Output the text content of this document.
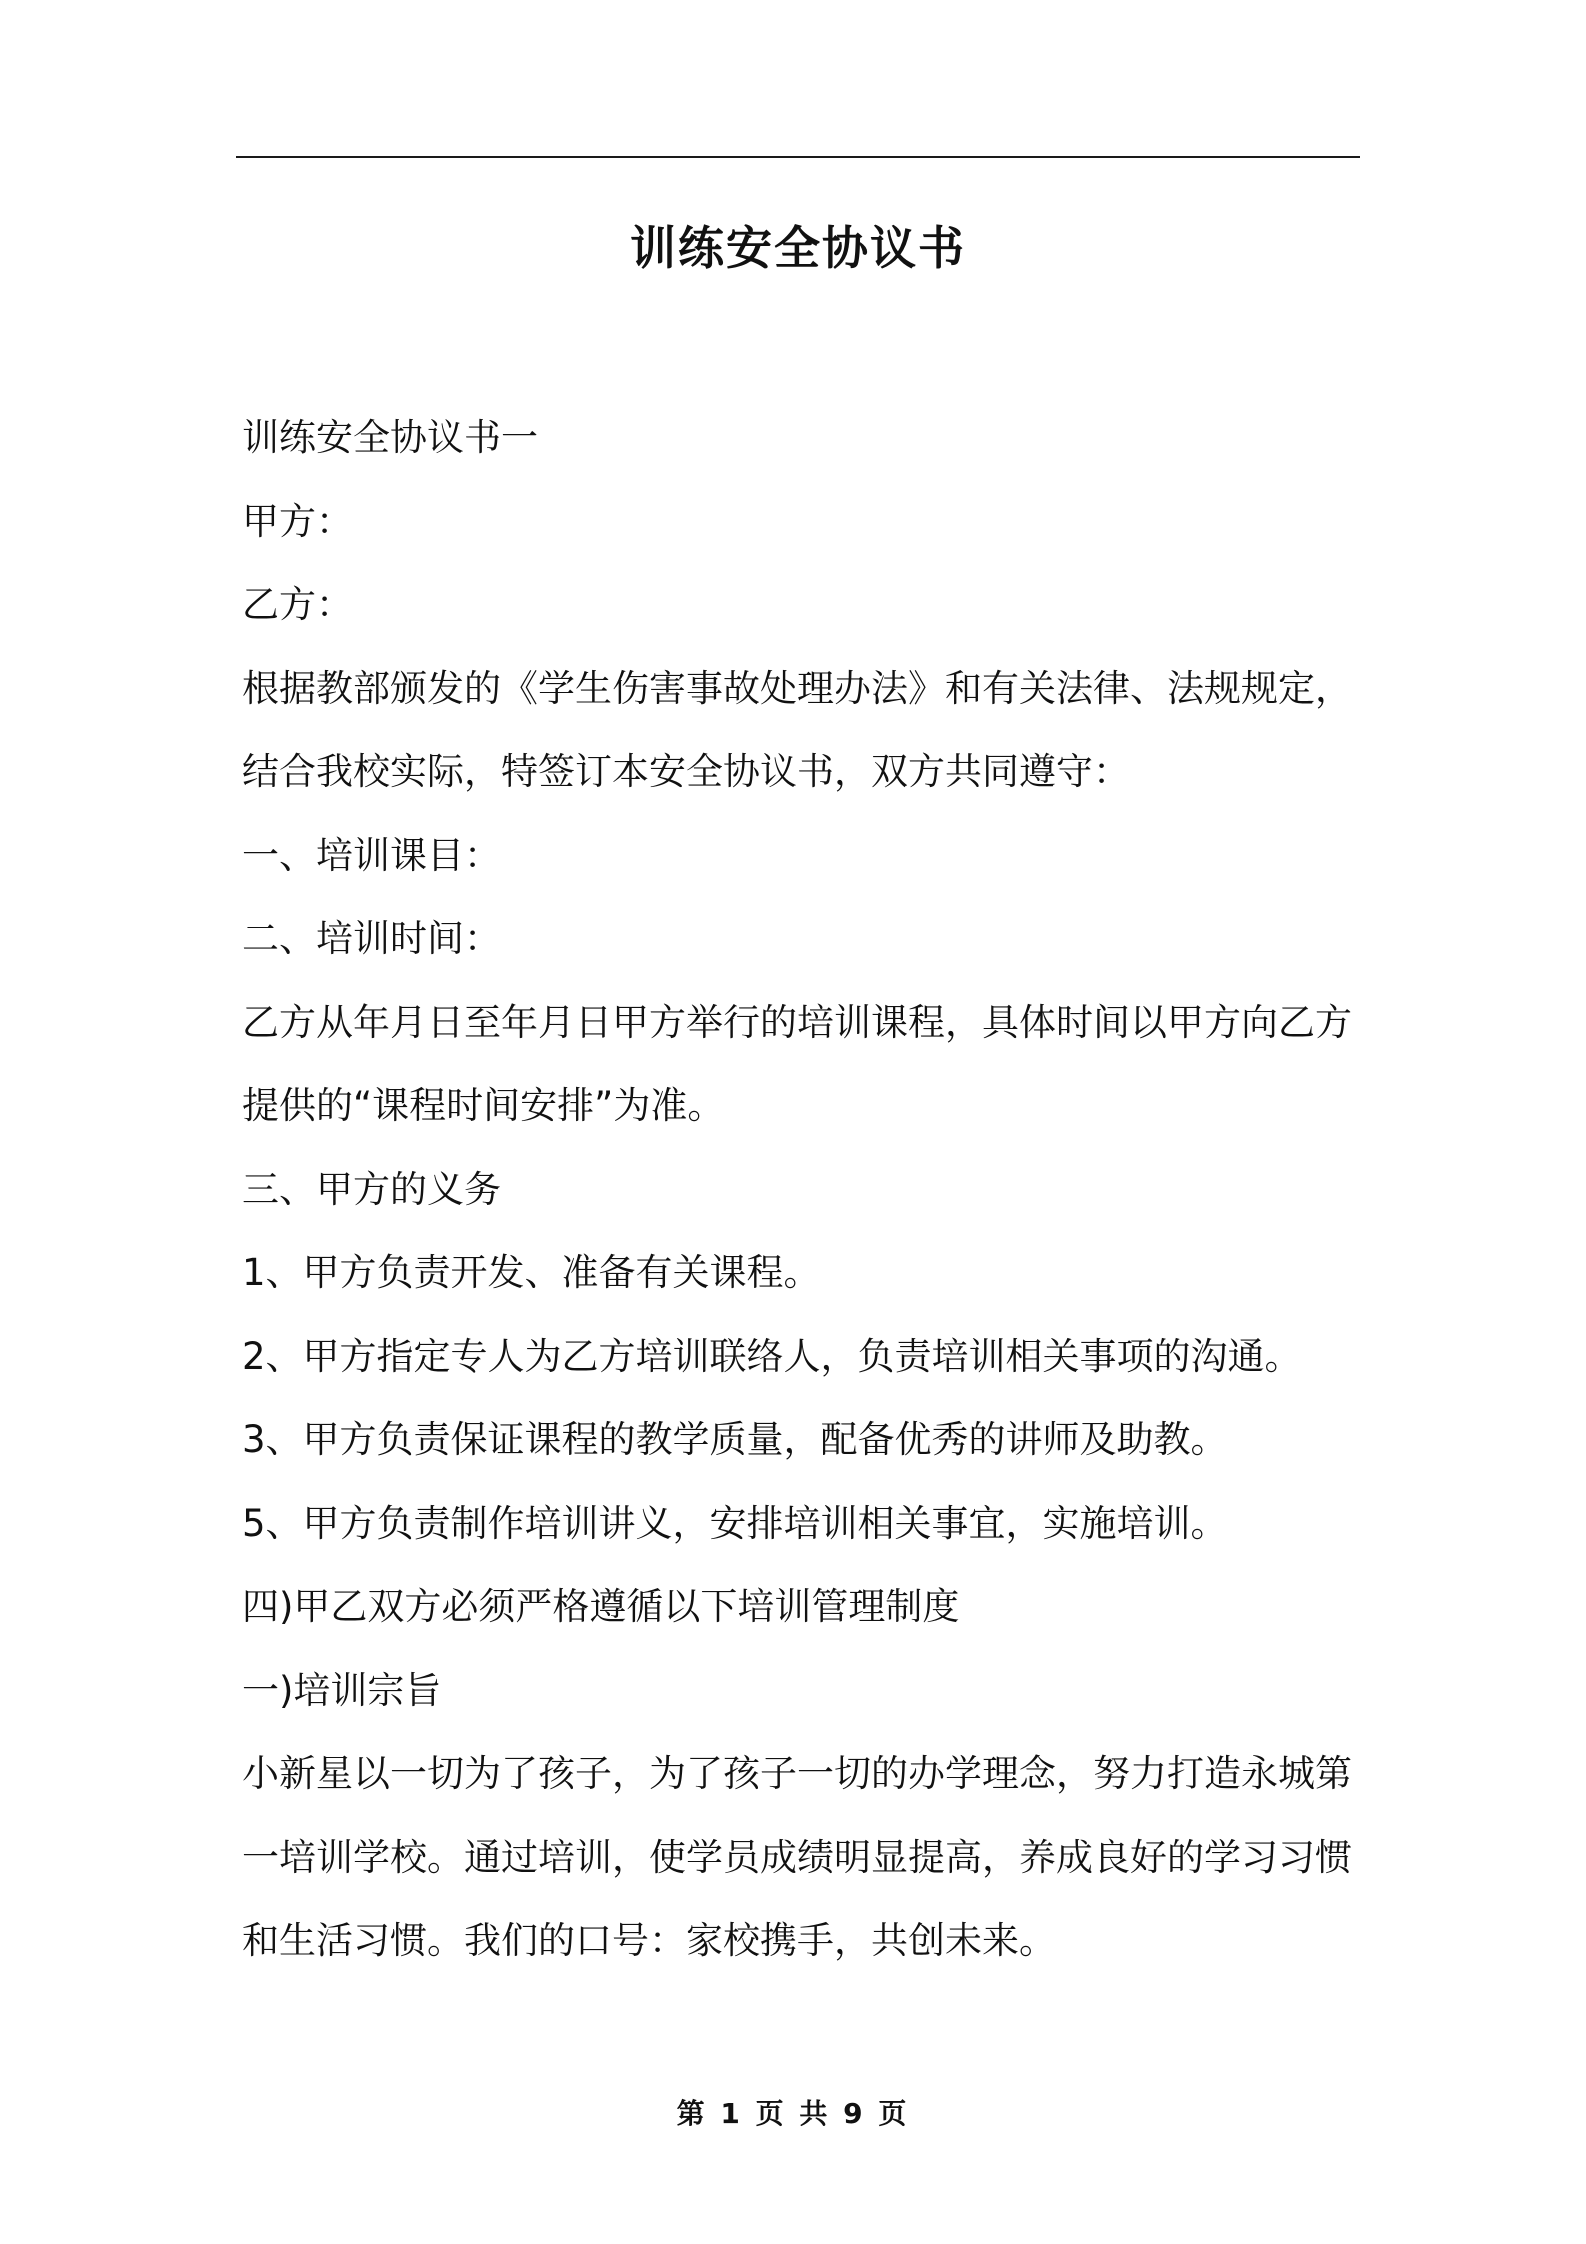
训练安全协议书
训练安全协议书一
甲方：
乙方：
根据教部颁发的《学生伤害事故处理办法》和有关法律、法规规定，
结合我校实际，特签订本安全协议书，双方共同遵守：
一、培训课目：
二、培训时间：
乙方从年月日至年月日甲方举行的培训课程，具体时间以甲方向乙方
提供的“课程时间安排”为准。
三、甲方的义务
1、甲方负责开发、准备有关课程。
2、甲方指定专人为乙方培训联络人，负责培训相关事项的沟通。
3、甲方负责保证课程的教学质量，配备优秀的讲师及助教。
5、甲方负责制作培训讲义，安排培训相关事宜，实施培训。
四)甲乙双方必须严格遵循以下培训管理制度
一)培训宗旨
小新星以一切为了孩子，为了孩子一切的办学理念，努力打造永城第
一培训学校。通过培训，使学员成绩明显提高，养成良好的学习习惯
和生活习惯。我们的口号：家校携手，共创未来。
第 1 页 共 9 页
